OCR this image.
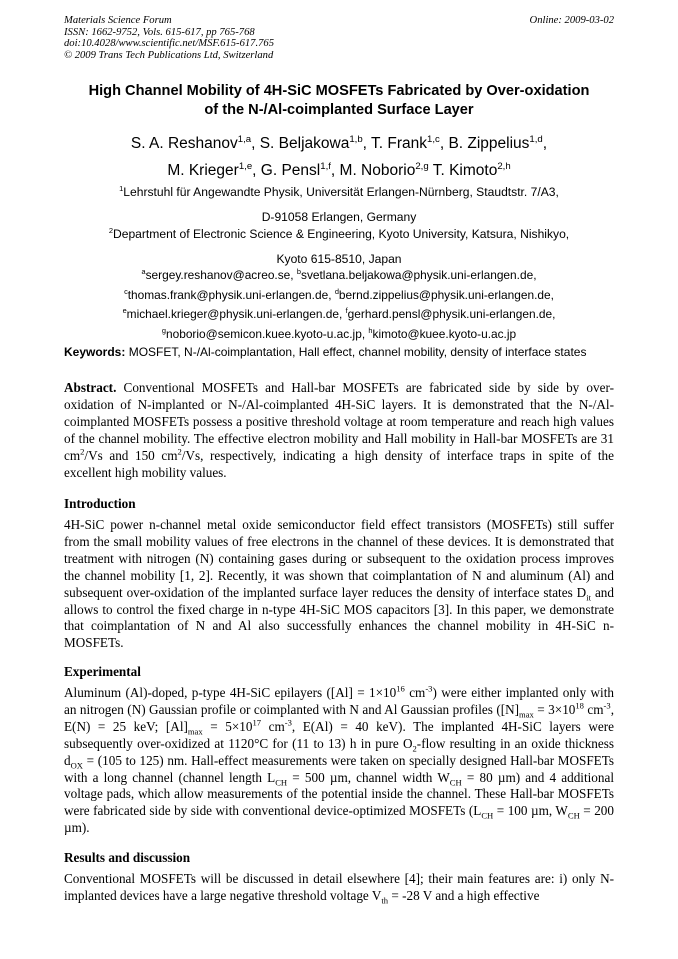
Materials Science Forum
ISSN: 1662-9752, Vols. 615-617, pp 765-768
doi:10.4028/www.scientific.net/MSF.615-617.765
© 2009 Trans Tech Publications Ltd, Switzerland
Online: 2009-03-02
High Channel Mobility of 4H-SiC MOSFETs Fabricated by Over-oxidation
of the N-/Al-coimplanted Surface Layer
S. A. Reshanov$^{1,a}$, S. Beljakowa$^{1,b}$, T. Frank$^{1,c}$, B. Zippelius$^{1,d}$,
M. Krieger$^{1,e}$, G. Pensl$^{1,f}$, M. Noborio$^{2,g}$ T. Kimoto$^{2,h}$
$^1$Lehrstuhl für Angewandte Physik, Universität Erlangen-Nürnberg, Staudtstr. 7/A3,
D-91058 Erlangen, Germany
$^2$Department of Electronic Science & Engineering, Kyoto University, Katsura, Nishikyo,
Kyoto 615-8510, Japan
$^a$sergey.reshanov@acreo.se, $^b$svetlana.beljakowa@physik.uni-erlangen.de,
$^c$thomas.frank@physik.uni-erlangen.de, $^d$bernd.zippelius@physik.uni-erlangen.de,
$^e$michael.krieger@physik.uni-erlangen.de, $^f$gerhard.pensl@physik.uni-erlangen.de,
$^g$noborio@semicon.kuee.kyoto-u.ac.jp, $^h$kimoto@kuee.kyoto-u.ac.jp
Keywords: MOSFET, N-/Al-coimplantation, Hall effect, channel mobility, density of interface states
Abstract. Conventional MOSFETs and Hall-bar MOSFETs are fabricated side by side by over-oxidation of N-implanted or N-/Al-coimplanted 4H-SiC layers. It is demonstrated that the N-/Al-coimplanted MOSFETs possess a positive threshold voltage at room temperature and reach high values of the channel mobility. The effective electron mobility and Hall mobility in Hall-bar MOSFETs are 31 $cm^2/Vs$ and 150 $cm^2/Vs$, respectively, indicating a high density of interface traps in spite of the excellent high mobility values.
Introduction
4H-SiC power n-channel metal oxide semiconductor field effect transistors (MOSFETs) still suffer from the small mobility values of free electrons in the channel of these devices. It is demonstrated that treatment with nitrogen (N) containing gases during or subsequent to the oxidation process improves the channel mobility [1, 2]. Recently, it was shown that coimplantation of N and aluminum (Al) and subsequent over-oxidation of the implanted surface layer reduces the density of interface states $D_{it}$ and allows to control the fixed charge in n-type 4H-SiC MOS capacitors [3]. In this paper, we demonstrate that coimplantation of N and Al also successfully enhances the channel mobility in 4H-SiC n-MOSFETs.
Experimental
Aluminum (Al)-doped, p-type 4H-SiC epilayers ($[Al] = 1\times 10^{16}$ $cm^{-3}$) were either implanted only with an nitrogen (N) Gaussian profile or coimplanted with N and Al Gaussian profiles ($[N]_{max} = 3\times 10^{18}$ $cm^{-3}$, E(N) = 25 keV; $[Al]_{max} = 5\times 10^{17}$ $cm^{-3}$, E(Al) = 40 keV). The implanted 4H-SiC layers were subsequently over-oxidized at 1120°C for (11 to 13) h in pure $O_2$-flow resulting in an oxide thickness $d_{OX} = (105$ to 125) nm. Hall-effect measurements were taken on specially designed Hall-bar MOSFETs with a long channel (channel length $L_{CH} = 500$ µm, channel width $W_{CH} = 80$ µm) and 4 additional voltage pads, which allow measurements of the potential inside the channel. These Hall-bar MOSFETs were fabricated side by side with conventional device-optimized MOSFETs ($L_{CH} = 100$ µm, $W_{CH} = 200$ µm).
Results and discussion
Conventional MOSFETs will be discussed in detail elsewhere [4]; their main features are: i) only N-implanted devices have a large negative threshold voltage $V_{th} = -28$ V and a high effective
